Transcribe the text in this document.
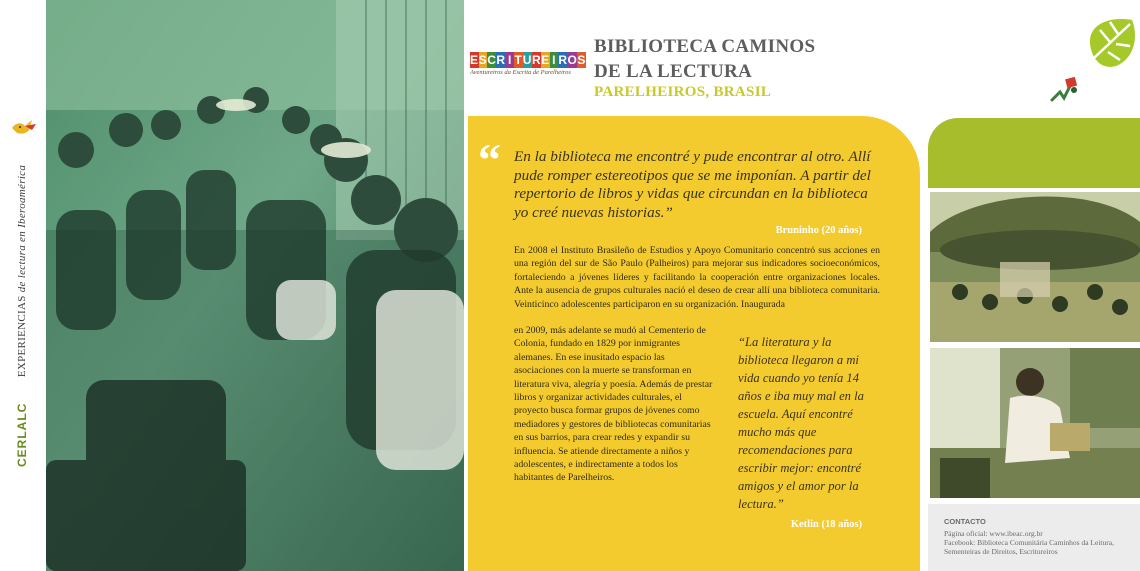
EXPERIENCIAS de lectura en Iberoamérica
CERLALC
E S C R I T U R E I R O S
Aventureiros da Escrita de Parelheiros
BIBLIOTECA CAMINOS
DE LA LECTURA
PARELHEIROS, BRASIL
“ En la biblioteca me encontré y pude encontrar al otro. Allí pude romper estereotipos que se me imponían. A partir del repertorio de libros y vidas que circundan en la biblioteca yo creé nuevas historias.”
Bruninho (20 años)
En 2008 el Instituto Brasileño de Estudios y Apoyo Comunitario concentró sus acciones en una región del sur de São Paulo (Palheiros) para mejorar sus indicadores socioeconómicos, fortaleciendo a jóvenes líderes y facilitando la cooperación entre organizaciones locales. Ante la ausencia de grupos culturales nació el deseo de crear allí una biblioteca comunitaria. Veinticinco adolescentes participaron en su organización. Inaugurada
en 2009, más adelante se mudó al Cementerio de Colonia, fundado en 1829 por inmigrantes alemanes. En ese inusitado espacio las asociaciones con la muerte se transforman en literatura viva, alegría y poesía. Además de prestar libros y organizar actividades culturales, el proyecto busca formar grupos de jóvenes como mediadores y gestores de bibliotecas comunitarias en sus barrios, para crear redes y expandir su influencia. Se atiende directamente a niños y adolescentes, e indirectamente a todos los habitantes de Parelheiros.
“La literatura y la biblioteca llegaron a mi vida cuando yo tenía 14 años e iba muy mal en la escuela. Aquí encontré mucho más que recomendaciones para escribir mejor: encontré amigos y el amor por la lectura.”
Ketlin (18 años)	CONTACTO
Página oficial: www.ibeac.org.br
Facebook: Biblioteca Comunitária Caminhos da Leitura,
Sementeiras de Direitos, Escritureiros
